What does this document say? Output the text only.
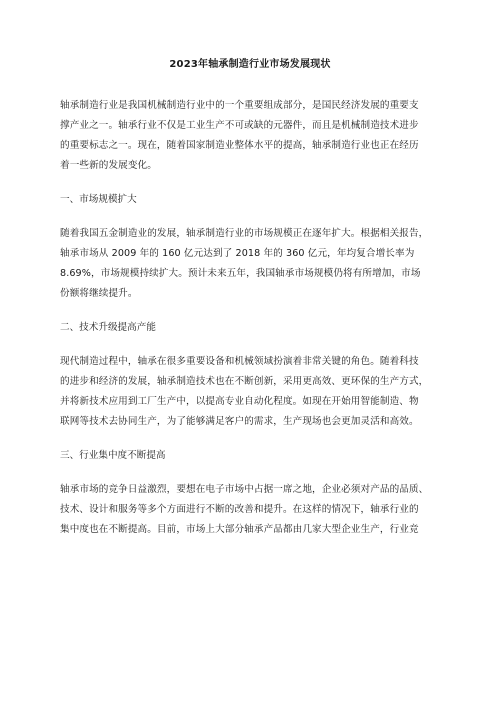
2023年轴承制造行业市场发展现状
轴承制造行业是我国机械制造行业中的一个重要组成部分，是国民经济发展的重要支
撑产业之一。轴承行业不仅是工业生产不可或缺的元器件，而且是机械制造技术进步
的重要标志之一。现在，随着国家制造业整体水平的提高，轴承制造行业也正在经历
着一些新的发展变化。
一、市场规模扩大
随着我国五金制造业的发展，轴承制造行业的市场规模正在逐年扩大。根据相关报告，
轴承市场从 2009 年的 160 亿元达到了 2018 年的 360 亿元，年均复合增长率为
8.69%，市场规模持续扩大。预计未来五年，我国轴承市场规模仍将有所增加，市场
份额将继续提升。
二、技术升级提高产能
现代制造过程中，轴承在很多重要设备和机械领域扮演着非常关键的角色。随着科技
的进步和经济的发展，轴承制造技术也在不断创新，采用更高效、更环保的生产方式，
并将新技术应用到工厂生产中，以提高专业自动化程度。如现在开始用智能制造、物
联网等技术去协同生产，为了能够满足客户的需求，生产现场也会更加灵活和高效。
三、行业集中度不断提高
轴承市场的竞争日益激烈，要想在电子市场中占据一席之地，企业必须对产品的品质、
技术、设计和服务等多个方面进行不断的改善和提升。在这样的情况下，轴承行业的
集中度也在不断提高。目前，市场上大部分轴承产品都由几家大型企业生产，行业竞
